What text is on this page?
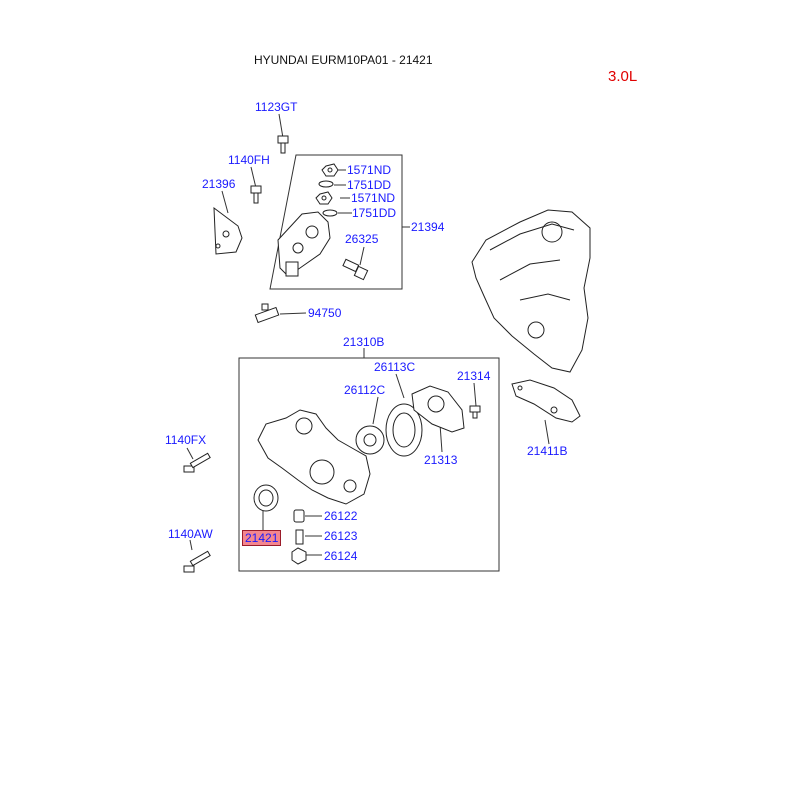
HYUNDAI EURM10PA01 - 21421
3.0L
1123GT
1140FH
21396
1571ND
1751DD
1571ND
1751DD
26325
21394
94750
21310B
26113C
21314
26112C
21313
21411B
1140FX
1140AW	21421
26122
26123
26124
